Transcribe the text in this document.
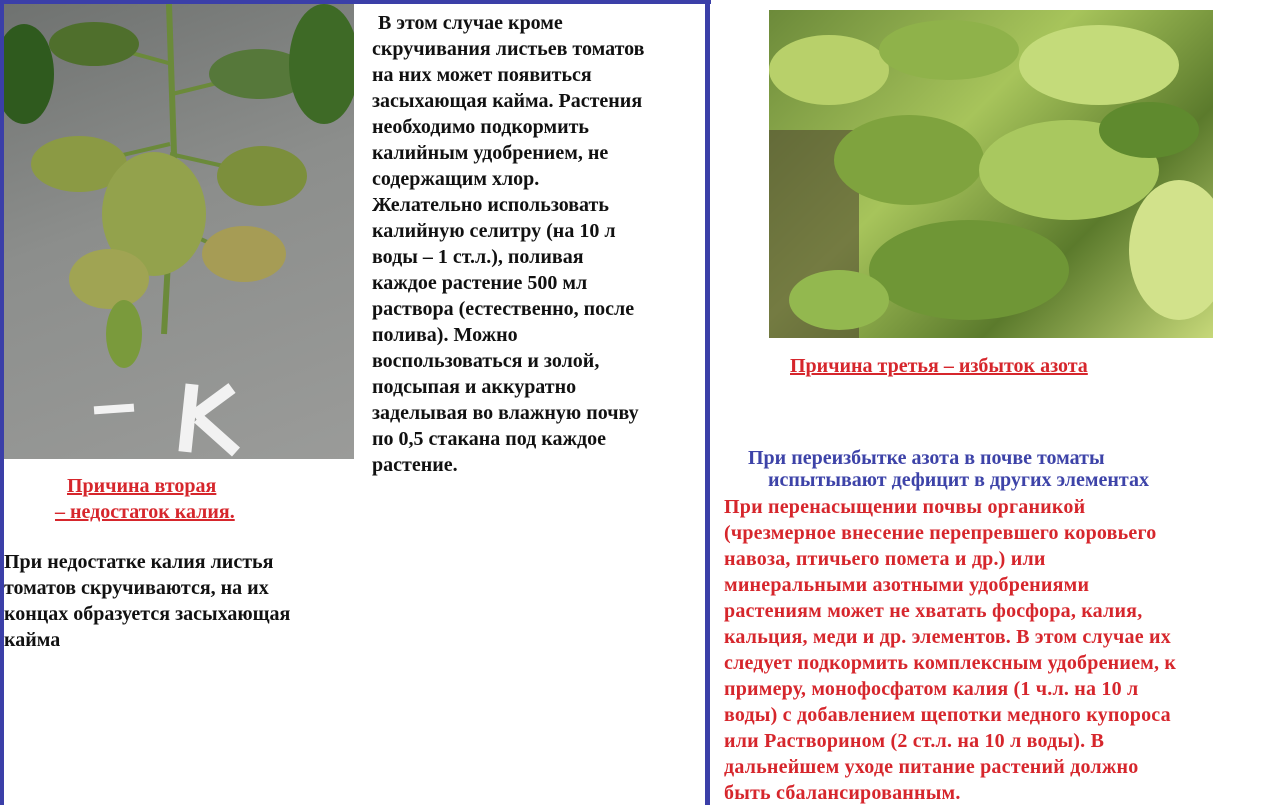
Причина вторая
– недостаток калия.
При недостатке калия листья
томатов скручиваются, на их
концах образуется засыхающая
кайма
В этом случае кроме
скручивания листьев томатов
на них может появиться
засыхающая кайма. Растения
необходимо подкормить
калийным удобрением, не
содержащим хлор.
Желательно использовать
калийную селитру (на 10 л
воды – 1 ст.л.), поливая
каждое растение 500 мл
раствора (естественно, после
полива). Можно
воспользоваться и золой,
подсыпая и аккуратно
заделывая во влажную почву
по 0,5 стакана под каждое
растение.
Причина третья – избыток азота
При переизбытке азота в почве томаты
испытывают дефицит в других элементах
При перенасыщении почвы органикой
(чрезмерное внесение перепревшего коровьего
навоза, птичьего помета и др.) или
минеральными азотными удобрениями
растениям может не хватать фосфора, калия,
кальция, меди и др. элементов. В этом случае их
следует подкормить комплексным удобрением, к
примеру, монофосфатом калия (1 ч.л. на 10 л
воды) с добавлением щепотки медного купороса
или Растворином (2 ст.л. на 10 л воды). В
дальнейшем уходе питание растений должно
быть сбалансированным.
